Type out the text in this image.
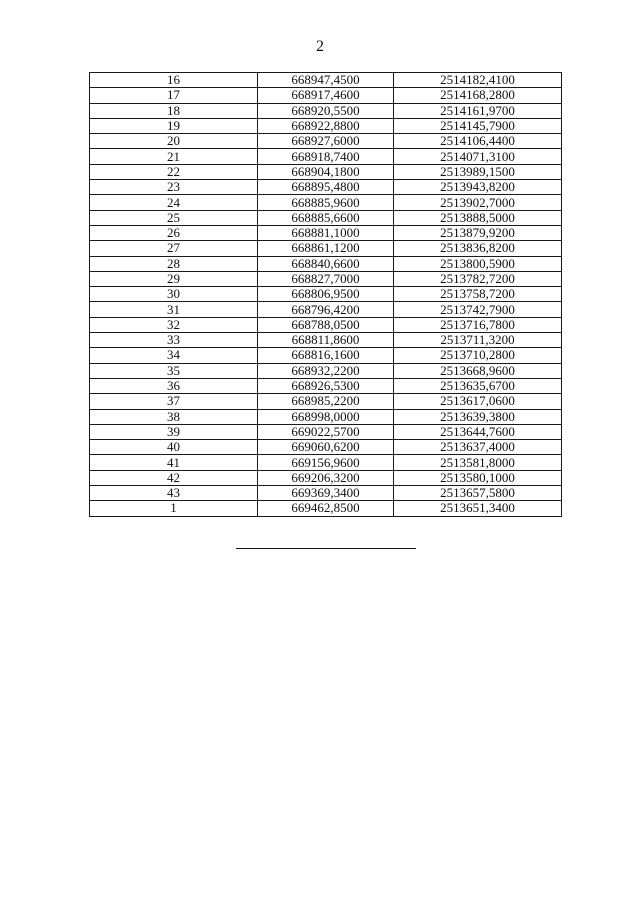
2
16	668947,4500	2514182,4100
17	668917,4600	2514168,2800
18	668920,5500	2514161,9700
19	668922,8800	2514145,7900
20	668927,6000	2514106,4400
21	668918,7400	2514071,3100
22	668904,1800	2513989,1500
23	668895,4800	2513943,8200
24	668885,9600	2513902,7000
25	668885,6600	2513888,5000
26	668881,1000	2513879,9200
27	668861,1200	2513836,8200
28	668840,6600	2513800,5900
29	668827,7000	2513782,7200
30	668806,9500	2513758,7200
31	668796,4200	2513742,7900
32	668788,0500	2513716,7800
33	668811,8600	2513711,3200
34	668816,1600	2513710,2800
35	668932,2200	2513668,9600
36	668926,5300	2513635,6700
37	668985,2200	2513617,0600
38	668998,0000	2513639,3800
39	669022,5700	2513644,7600
40	669060,6200	2513637,4000
41	669156,9600	2513581,8000
42	669206,3200	2513580,1000
43	669369,3400	2513657,5800
1	669462,8500	2513651,3400
